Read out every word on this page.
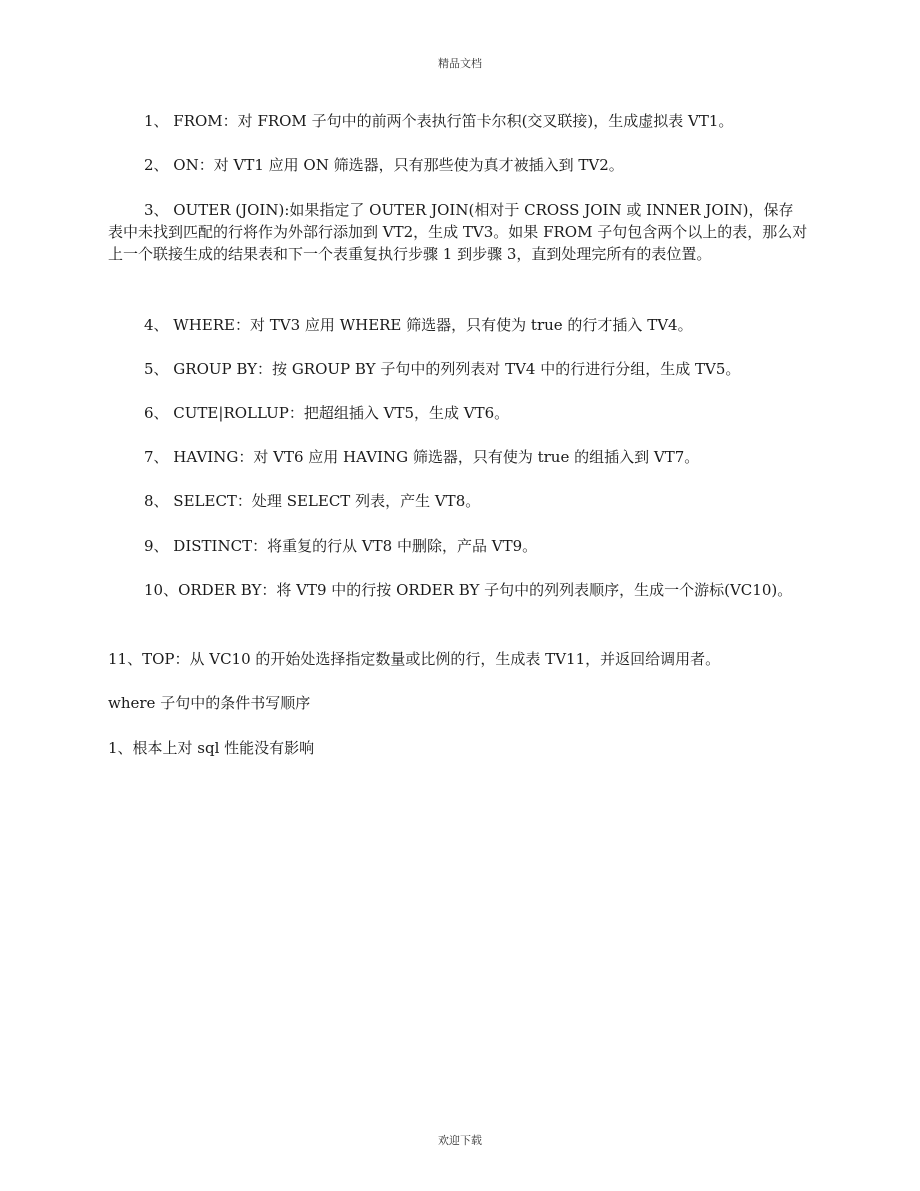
精品文档
1、 FROM：对 FROM 子句中的前两个表执行笛卡尔积(交叉联接)，生成虚拟表 VT1。
2、 ON：对 VT1 应用 ON 筛选器，只有那些使为真才被插入到 TV2。
3、 OUTER (JOIN):如果指定了 OUTER JOIN(相对于 CROSS JOIN 或 INNER JOIN)，保存表中未找到匹配的行将作为外部行添加到 VT2，生成 TV3。如果 FROM 子句包含两个以上的表，那么对上一个联接生成的结果表和下一个表重复执行步骤 1 到步骤 3，直到处理完所有的表位置。
4、 WHERE：对 TV3 应用 WHERE 筛选器，只有使为 true 的行才插入 TV4。
5、 GROUP BY：按 GROUP BY 子句中的列列表对 TV4 中的行进行分组，生成 TV5。
6、 CUTE|ROLLUP：把超组插入 VT5，生成 VT6。
7、 HAVING：对 VT6 应用 HAVING 筛选器，只有使为 true 的组插入到 VT7。
8、 SELECT：处理 SELECT 列表，产生 VT8。
9、 DISTINCT：将重复的行从 VT8 中删除，产品 VT9。
10、ORDER BY：将 VT9 中的行按 ORDER BY 子句中的列列表顺序，生成一个游标(VC10)。
11、TOP：从 VC10 的开始处选择指定数量或比例的行，生成表 TV11，并返回给调用者。
where 子句中的条件书写顺序
1、根本上对 sql 性能没有影响
欢迎下载
